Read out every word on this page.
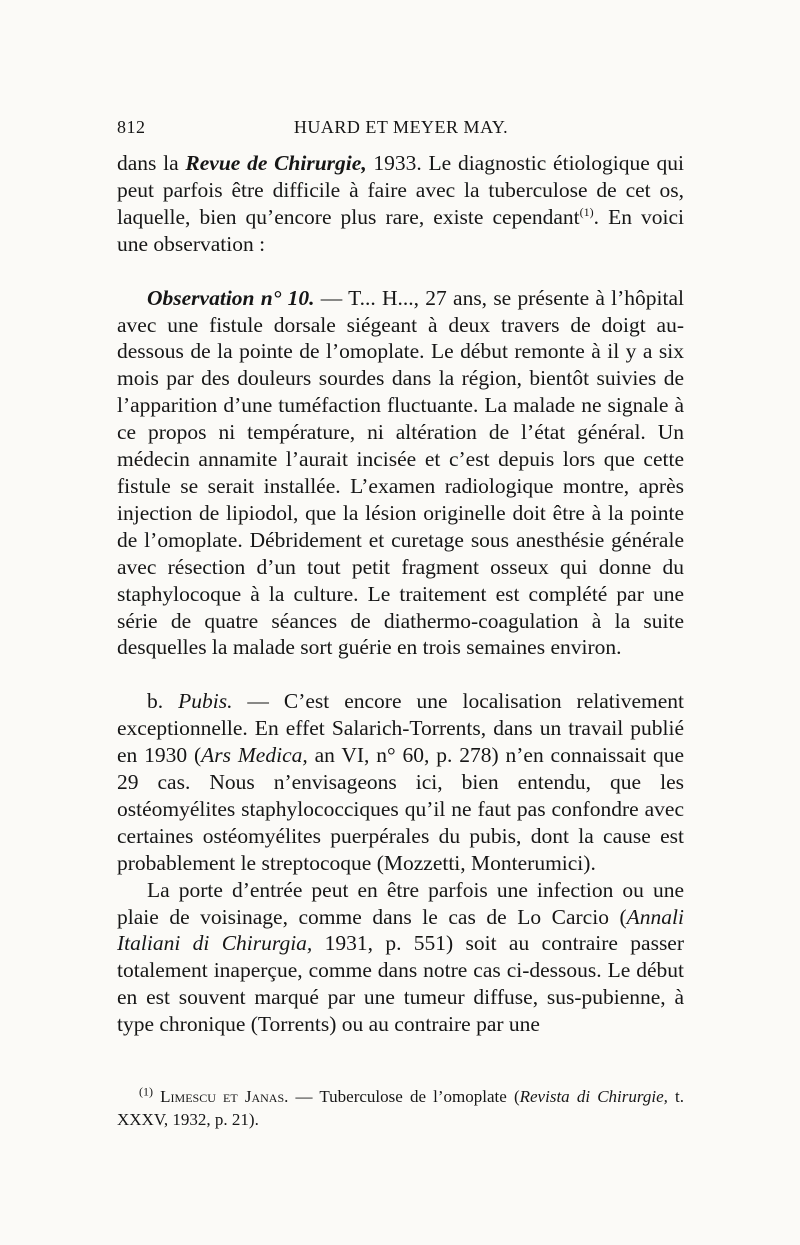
812	HUARD ET MEYER MAY.

dans la Revue de Chirurgie, 1933. Le diagnostic étiologique qui peut parfois être difficile à faire avec la tuberculose de cet os, laquelle, bien qu’encore plus rare, existe cependant$^{(1)}$. En voici une observation :

Observation n° 10. — T... H..., 27 ans, se présente à l’hôpital avec une fistule dorsale siégeant à deux travers de doigt au-dessous de la pointe de l’omoplate. Le début remonte à il y a six mois par des douleurs sourdes dans la région, bientôt suivies de l’apparition d’une tuméfaction fluctuante. La malade ne signale à ce propos ni température, ni altération de l’état général. Un médecin annamite l’aurait incisée et c’est depuis lors que cette fistule se serait installée. L’examen radiologique montre, après injection de lipiodol, que la lésion originelle doit être à la pointe de l’omoplate. Débridement et curetage sous anesthésie générale avec résection d’un tout petit fragment osseux qui donne du staphylocoque à la culture. Le traitement est complété par une série de quatre séances de diathermo-coagulation à la suite desquelles la malade sort guérie en trois semaines environ.

b. Pubis. — C’est encore une localisation relativement exceptionnelle. En effet Salarich-Torrents, dans un travail publié en 1930 (Ars Medica, an VI, n° 60, p. 278) n’en connaissait que 29 cas. Nous n’envisageons ici, bien entendu, que les ostéomyélites staphylococciques qu’il ne faut pas confondre avec certaines ostéomyélites puerpérales du pubis, dont la cause est probablement le streptocoque (Mozzetti, Monterumici).

La porte d’entrée peut en être parfois une infection ou une plaie de voisinage, comme dans le cas de Lo Carcio (Annali Italiani di Chirurgia, 1931, p. 551) soit au contraire passer totalement inaperçue, comme dans notre cas ci-dessous. Le début en est souvent marqué par une tumeur diffuse, sus-pubienne, à type chronique (Torrents) ou au contraire par une

$^{(1)}$ Limescu et Janas. — Tuberculose de l’omoplate (Revista di Chirurgie, t. XXXV, 1932, p. 21).
